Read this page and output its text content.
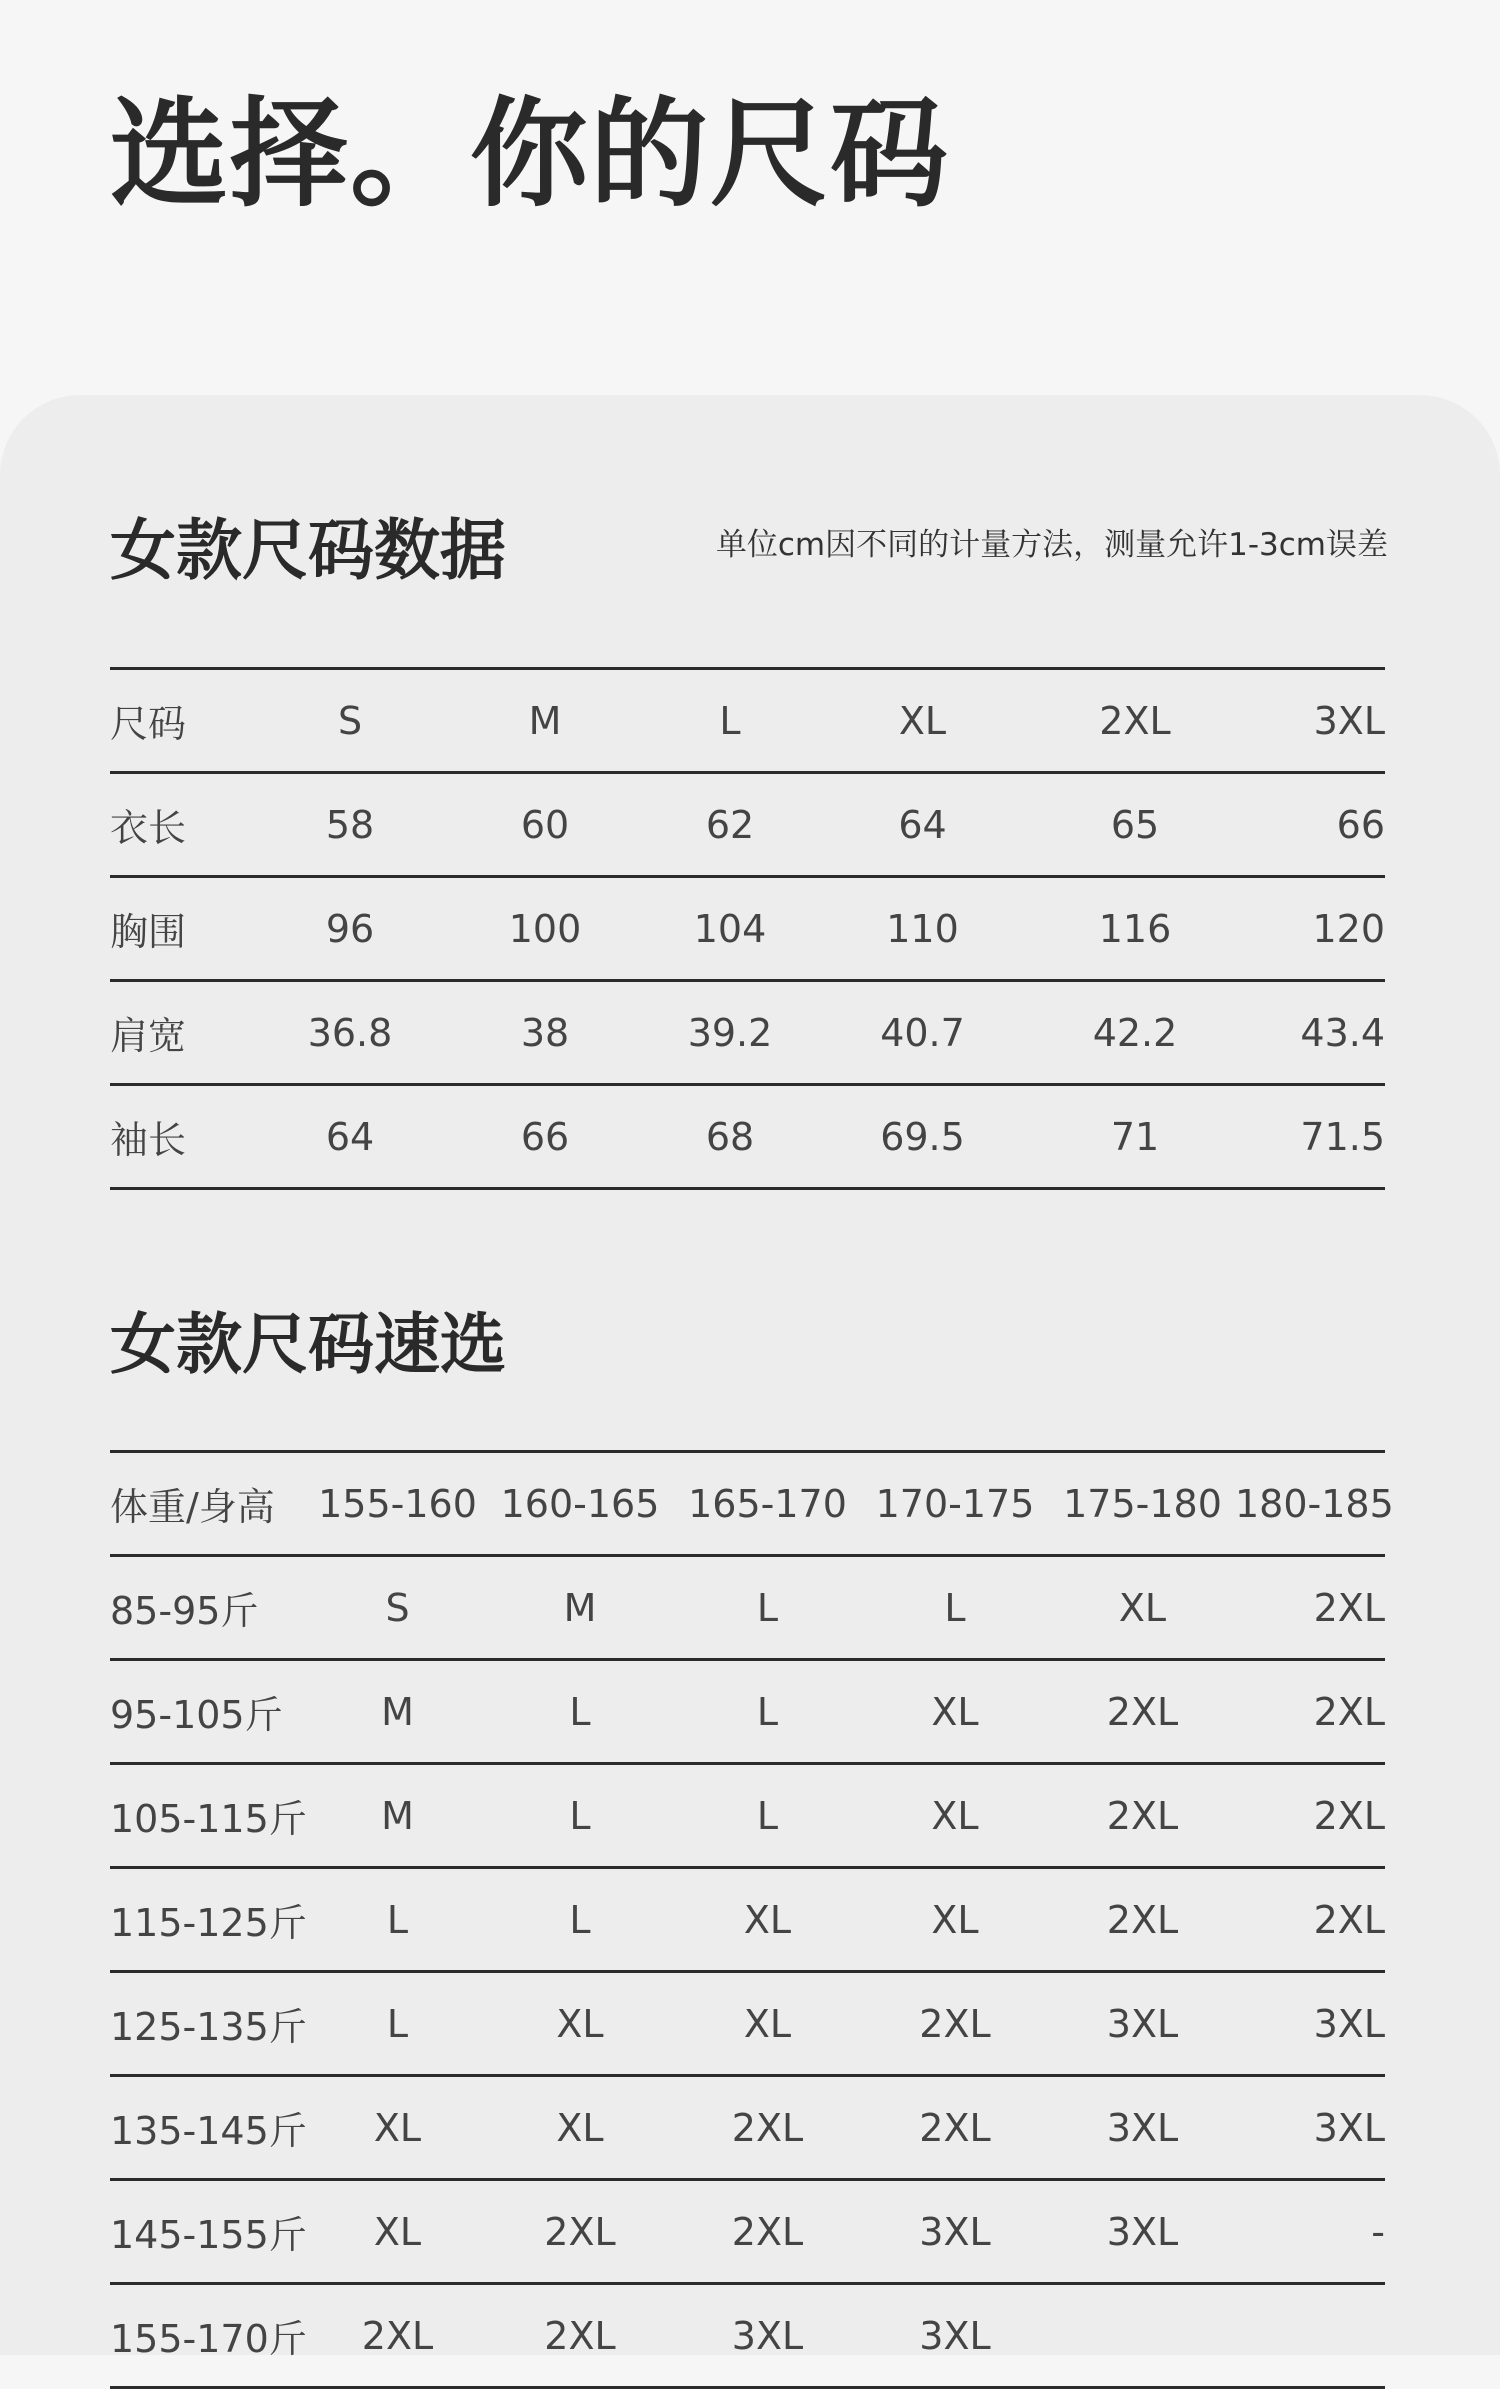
选择。你的尺码
女款尺码数据	单位cm因不同的计量方法，测量允许1-3cm误差
尺码	S	M	L	XL	2XL	3XL
衣长	58	60	62	64	65	66
胸围	96	100	104	110	116	120
肩宽	36.8	38	39.2	40.7	42.2	43.4
袖长	64	66	68	69.5	71	71.5
女款尺码速选
体重/身高	155-160	160-165	165-170	170-175	175-180	180-185
85-95斤	S	M	L	L	XL	2XL
95-105斤	M	L	L	XL	2XL	2XL
105-115斤	M	L	L	XL	2XL	2XL
115-125斤	L	L	XL	XL	2XL	2XL
125-135斤	L	XL	XL	2XL	3XL	3XL
135-145斤	XL	XL	2XL	2XL	3XL	3XL
145-155斤	XL	2XL	2XL	3XL	3XL	-
155-170斤	2XL	2XL	3XL	3XL		
